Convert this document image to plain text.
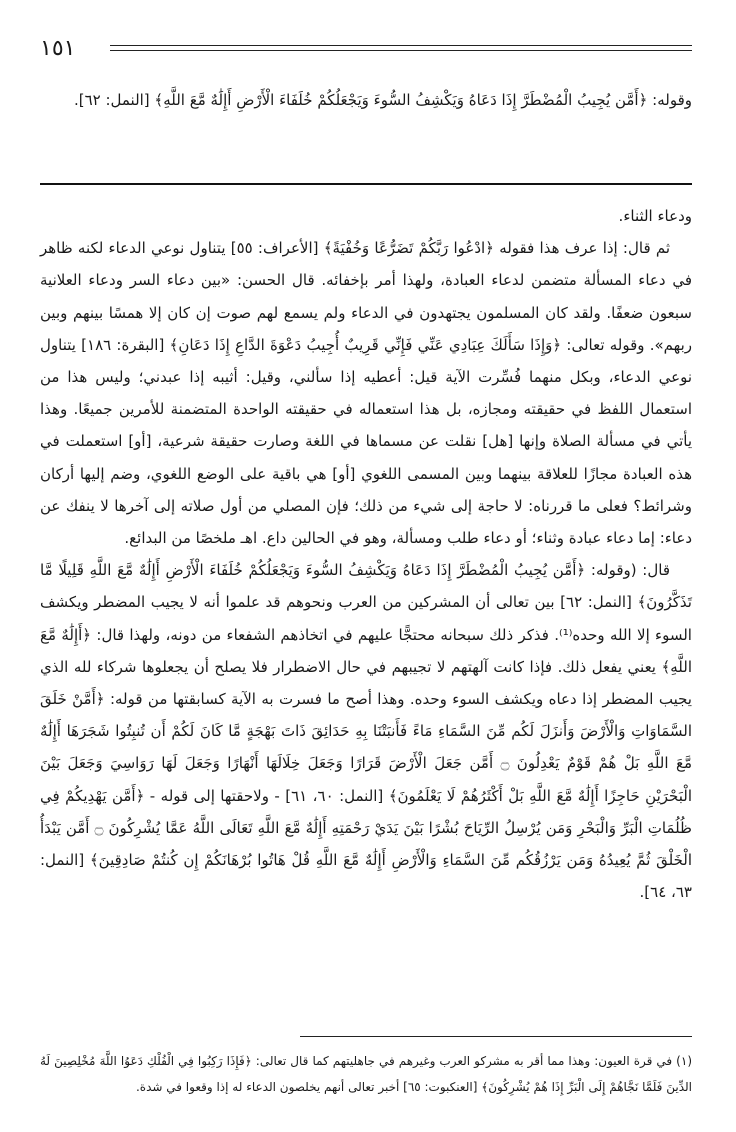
١٥١
وقوله: ﴿أَمَّن يُجِيبُ الْمُضْطَرَّ إِذَا دَعَاهُ وَيَكْشِفُ السُّوءَ وَيَجْعَلُكُمْ خُلَفَاءَ الْأَرْضِ أَإِلَٰهٌ مَّعَ اللَّهِ﴾ [النمل: ٦٢].

ودعاء الثناء.

ثم قال: إذا عرف هذا فقوله ﴿ادْعُوا رَبَّكُمْ تَضَرُّعًا وَخُفْيَةً﴾ [الأعراف: ٥٥] يتناول نوعي الدعاء لكنه ظاهر في دعاء المسألة متضمن لدعاء العبادة، ولهذا أمر بإخفائه. قال الحسن: «بين دعاء السر ودعاء العلانية سبعون ضعفًا. ولقد كان المسلمون يجتهدون في الدعاء ولم يسمع لهم صوت إن كان إلا همسًا بينهم وبين ربهم». وقوله تعالى: ﴿وَإِذَا سَأَلَكَ عِبَادِي عَنِّي فَإِنِّي قَرِيبٌ أُجِيبُ دَعْوَةَ الدَّاعِ إِذَا دَعَانِ﴾ [البقرة: ١٨٦] يتناول نوعي الدعاء، وبكل منهما فُسِّرت الآية قيل: أعطيه إذا سألني، وقيل: أثيبه إذا عبدني؛ وليس هذا من استعمال اللفظ في حقيقته ومجازه، بل هذا استعماله في حقيقته الواحدة المتضمنة للأمرين جميعًا. وهذا يأتي في مسألة الصلاة وإنها [هل] نقلت عن مسماها في اللغة وصارت حقيقة شرعية، [أو] استعملت في هذه العبادة مجازًا للعلاقة بينهما وبين المسمى اللغوي [أو] هي باقية على الوضع اللغوي، وضم إليها أركان وشرائط؟ فعلى ما قررناه: لا حاجة إلى شيء من ذلك؛ فإن المصلي من أول صلاته إلى آخرها لا ينفك عن دعاء: إما دعاء عبادة وثناء؛ أو دعاء طلب ومسألة، وهو في الحالين داع. اهـ ملخصًا من البدائع.

قال: (وقوله: ﴿أَمَّن يُجِيبُ الْمُضْطَرَّ إِذَا دَعَاهُ وَيَكْشِفُ السُّوءَ وَيَجْعَلُكُمْ خُلَفَاءَ الْأَرْضِ أَإِلَٰهٌ مَّعَ اللَّهِ قَلِيلًا مَّا تَذَكَّرُونَ﴾ [النمل: ٦٢] بين تعالى أن المشركين من العرب ونحوهم قد علموا أنه لا يجيب المضطر ويكشف السوء إلا الله وحده⁽¹⁾. فذكر ذلك سبحانه محتجًّا عليهم في اتخاذهم الشفعاء من دونه، ولهذا قال: ﴿أَإِلَٰهٌ مَّعَ اللَّهِ﴾ يعني يفعل ذلك. فإذا كانت آلهتهم لا تجيبهم في حال الاضطرار فلا يصلح أن يجعلوها شركاء لله الذي يجيب المضطر إذا دعاه ويكشف السوء وحده. وهذا أصح ما فسرت به الآية كسابقتها من قوله: ﴿أَمَّنْ خَلَقَ السَّمَاوَاتِ وَالْأَرْضَ وَأَنزَلَ لَكُم مِّنَ السَّمَاءِ مَاءً فَأَنبَتْنَا بِهِ حَدَائِقَ ذَاتَ بَهْجَةٍ مَّا كَانَ لَكُمْ أَن تُنبِتُوا شَجَرَهَا أَإِلَٰهٌ مَّعَ اللَّهِ بَلْ هُمْ قَوْمٌ يَعْدِلُونَ ۝ أَمَّن جَعَلَ الْأَرْضَ قَرَارًا وَجَعَلَ خِلَالَهَا أَنْهَارًا وَجَعَلَ لَهَا رَوَاسِيَ وَجَعَلَ بَيْنَ الْبَحْرَيْنِ حَاجِزًا أَإِلَٰهٌ مَّعَ اللَّهِ بَلْ أَكْثَرُهُمْ لَا يَعْلَمُونَ﴾ [النمل: ٦٠، ٦١] - ولاحقتها إلى قوله - ﴿أَمَّن يَهْدِيكُمْ فِي ظُلُمَاتِ الْبَرِّ وَالْبَحْرِ وَمَن يُرْسِلُ الرِّيَاحَ بُشْرًا بَيْنَ يَدَيْ رَحْمَتِهِ أَإِلَٰهٌ مَّعَ اللَّهِ تَعَالَى اللَّهُ عَمَّا يُشْرِكُونَ ۝ أَمَّن يَبْدَأُ الْخَلْقَ ثُمَّ يُعِيدُهُ وَمَن يَرْزُقُكُم مِّنَ السَّمَاءِ وَالْأَرْضِ أَإِلَٰهٌ مَّعَ اللَّهِ قُلْ هَاتُوا بُرْهَانَكُمْ إِن كُنتُمْ صَادِقِينَ﴾ [النمل: ٦٣، ٦٤].

(١) في قرة العيون: وهذا مما أقر به مشركو العرب وغيرهم في جاهليتهم كما قال تعالى: ﴿فَإِذَا رَكِبُوا فِي الْفُلْكِ دَعَوُا اللَّهَ مُخْلِصِينَ لَهُ الدِّينَ فَلَمَّا نَجَّاهُمْ إِلَى الْبَرِّ إِذَا هُمْ يُشْرِكُونَ﴾ [العنكبوت: ٦٥] أخبر تعالى أنهم يخلصون الدعاء له إذا وقعوا في شدة.
